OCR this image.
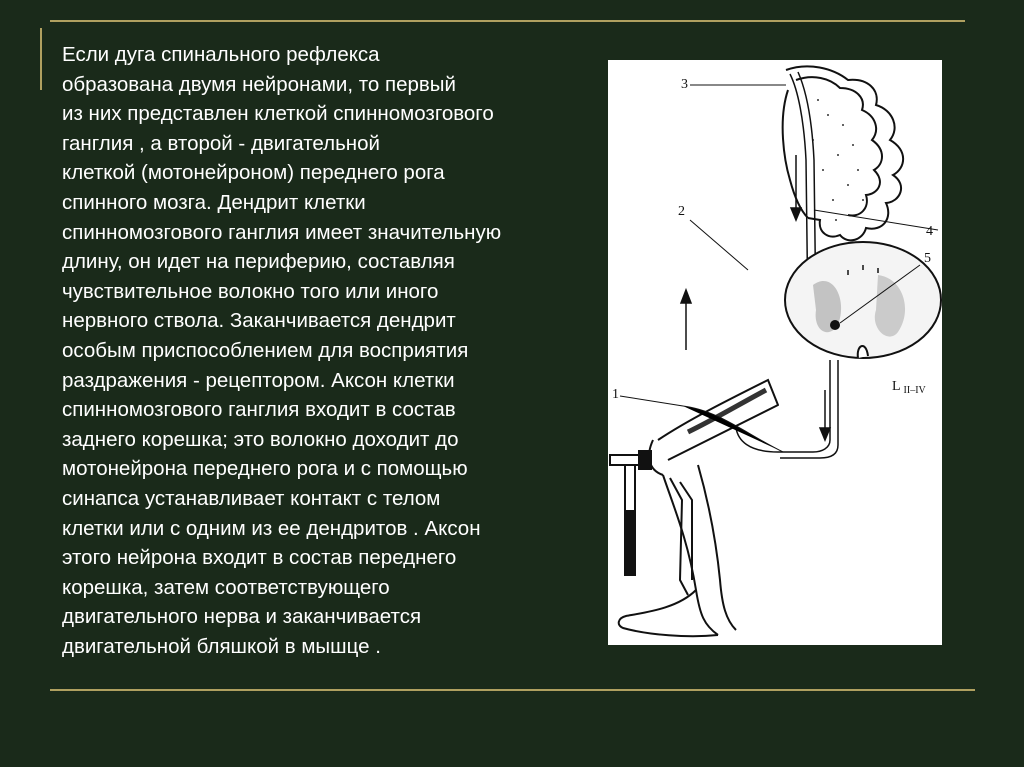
Если дуга спинального рефлекса
образована двумя нейронами, то первый
из них представлен клеткой спинномозгового
ганглия , а второй - двигательной
клеткой (мотонейроном) переднего рога
спинного мозга. Дендрит клетки
спинномозгового ганглия имеет значительную
длину, он идет на периферию, составляя
чувствительное волокно того или иного
нервного ствола. Заканчивается дендрит
особым приспособлением для восприятия
раздражения - рецептором. Аксон клетки
спинномозгового ганглия входит в состав
заднего корешка; это волокно доходит до
мотонейрона переднего рога и с помощью
синапса устанавливает контакт с телом
клетки или с одним из ее дендритов . Аксон
этого нейрона входит в состав переднего
корешка, затем соответствующего
двигательного нерва и заканчивается
двигательной бляшкой в мышце .
3
2
4
5
1
L $_{II-IV}$
